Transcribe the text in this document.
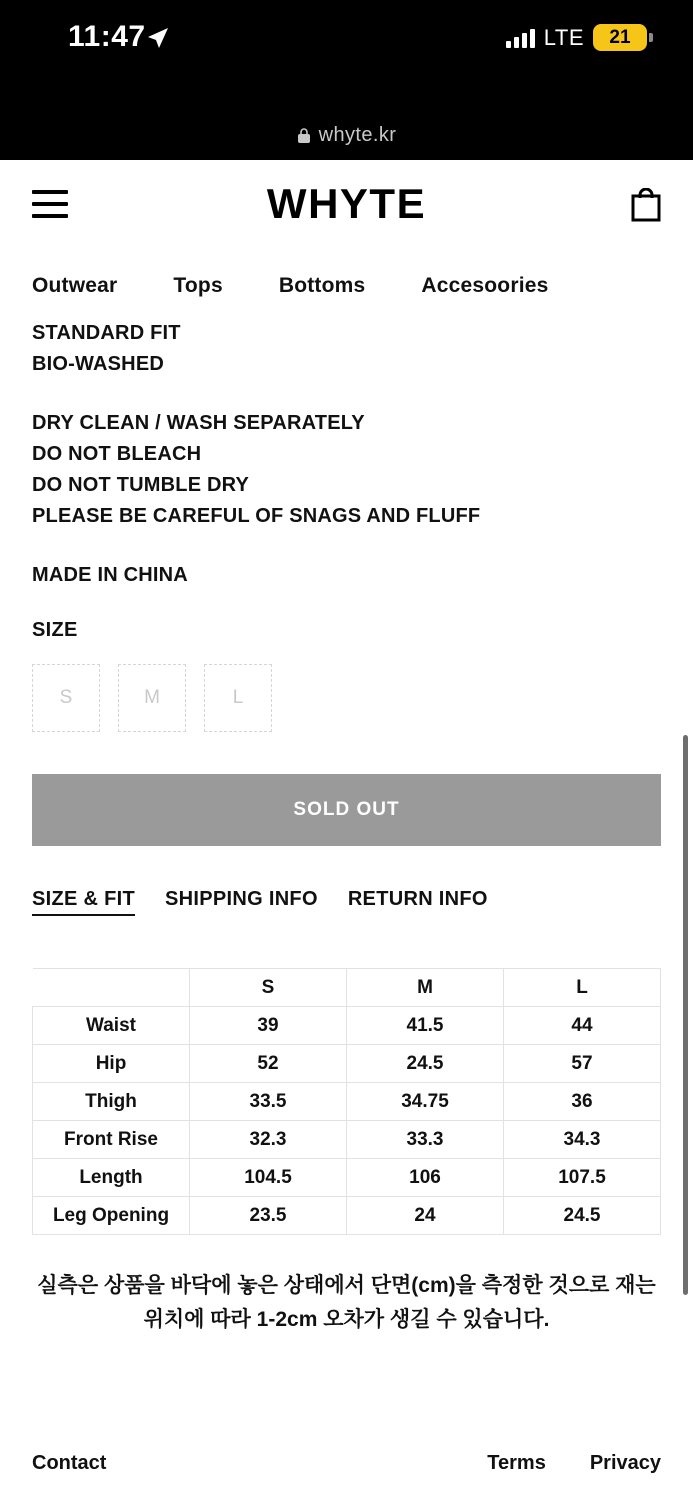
11:47	LTE 21
whyte.kr
WHYTE
Outwear	Tops	Bottoms	Accesoories

STANDARD FIT

BIO-WASHED

DRY CLEAN / WASH SEPARATELY

DO NOT BLEACH

DO NOT TUMBLE DRY

PLEASE BE CAREFUL OF SNAGS AND FLUFF

MADE IN CHINA

SIZE
S	M	L
SOLD OUT
SIZE & FIT SHIPPING INFO RETURN INFO
	S	M	L
Waist	39	41.5	44
Hip	52	24.5	57
Thigh	33.5	34.75	36
Front Rise	32.3	33.3	34.3
Length	104.5	106	107.5
Leg Opening	23.5	24	24.5
실측은 상품을 바닥에 놓은 상태에서 단면(cm)을 측정한 것으로 재는 위치에 따라 1-2cm 오차가 생길 수 있습니다.
Contact	Terms Privacy
